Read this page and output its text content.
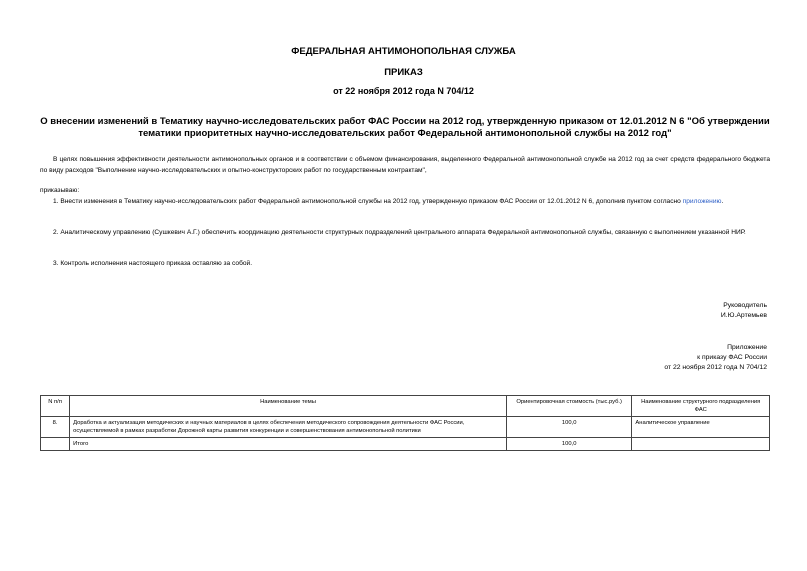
ФЕДЕРАЛЬНАЯ АНТИМОНОПОЛЬНАЯ СЛУЖБА
ПРИКАЗ
от 22 ноября 2012 года N 704/12
О внесении изменений в Тематику научно-исследовательских работ ФАС России на 2012 год, утвержденную приказом от 12.01.2012 N 6 "Об утверждении тематики приоритетных научно-исследовательских работ Федеральной антимонопольной службы на 2012 год"
В целях повышения эффективности деятельности антимонопольных органов и в соответствии с объемом финансирования, выделенного Федеральной антимонопольной службе на 2012 год за счет средств федерального бюджета по виду расходов "Выполнение научно-исследовательских и опытно-конструкторских работ по государственным контрактам",
приказываю:
1. Внести изменения в Тематику научно-исследовательских работ Федеральной антимонопольной службы на 2012 год, утвержденную приказом ФАС России от 12.01.2012 N 6, дополнив пунктом согласно приложению.
2. Аналитическому управлению (Сушкевич А.Г.) обеспечить координацию деятельности структурных подразделений центрального аппарата Федеральной антимонопольной службы, связанную с выполнением указанной НИР.
3. Контроль исполнения настоящего приказа оставляю за собой.
Руководитель
И.Ю.Артемьев
Приложение
к приказу ФАС России
от 22 ноября 2012 года N 704/12
N п/п	Наименование темы	Ориентировочная стоимость (тыс.руб.)	Наименование структурного подразделения ФАС
8.	Доработка и актуализация методических и научных материалов в целях обеспечения методического сопровождения деятельности ФАС России, осуществляемой в рамках разработки Дорожной карты развития конкуренции и совершенствования антимонопольной политики	100,0	Аналитическое управление
	Итого	100,0	
